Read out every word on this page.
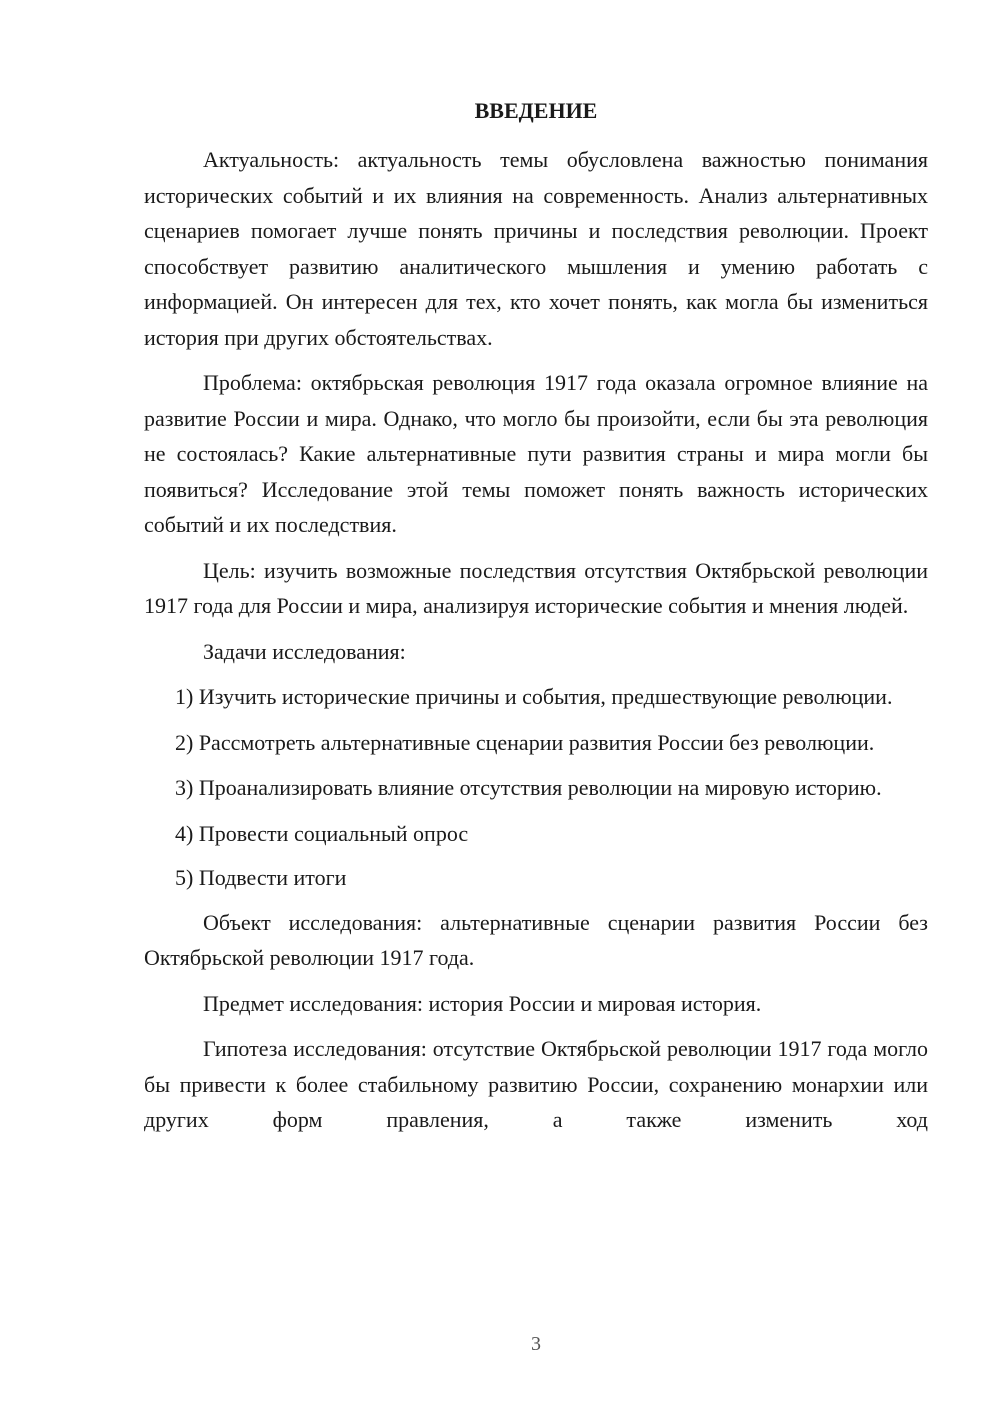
ВВЕДЕНИЕ

Актуальность: актуальность темы обусловлена важностью понимания исторических событий и их влияния на современность. Анализ альтернативных сценариев помогает лучше понять причины и последствия революции. Проект способствует развитию аналитического мышления и умению работать с информацией. Он интересен для тех, кто хочет понять, как могла бы измениться история при других обстоятельствах.

Проблема: октябрьская революция 1917 года оказала огромное влияние на развитие России и мира. Однако, что могло бы произойти, если бы эта революция не состоялась? Какие альтернативные пути развития страны и мира могли бы появиться? Исследование этой темы поможет понять важность исторических событий и их последствия.

Цель: изучить возможные последствия отсутствия Октябрьской революции 1917 года для России и мира, анализируя исторические события и мнения людей.

Задачи исследования:

1) Изучить исторические причины и события, предшествующие революции.

2) Рассмотреть альтернативные сценарии развития России без революции.

3) Проанализировать влияние отсутствия революции на мировую историю.

4) Провести социальный опрос

5) Подвести итоги

Объект исследования: альтернативные сценарии развития России без Октябрьской революции 1917 года.

Предмет исследования: история России и мировая история.

Гипотеза исследования: отсутствие Октябрьской революции 1917 года могло бы привести к более стабильному развитию России, сохранению монархии или других форм правления, а также изменить ход

3
